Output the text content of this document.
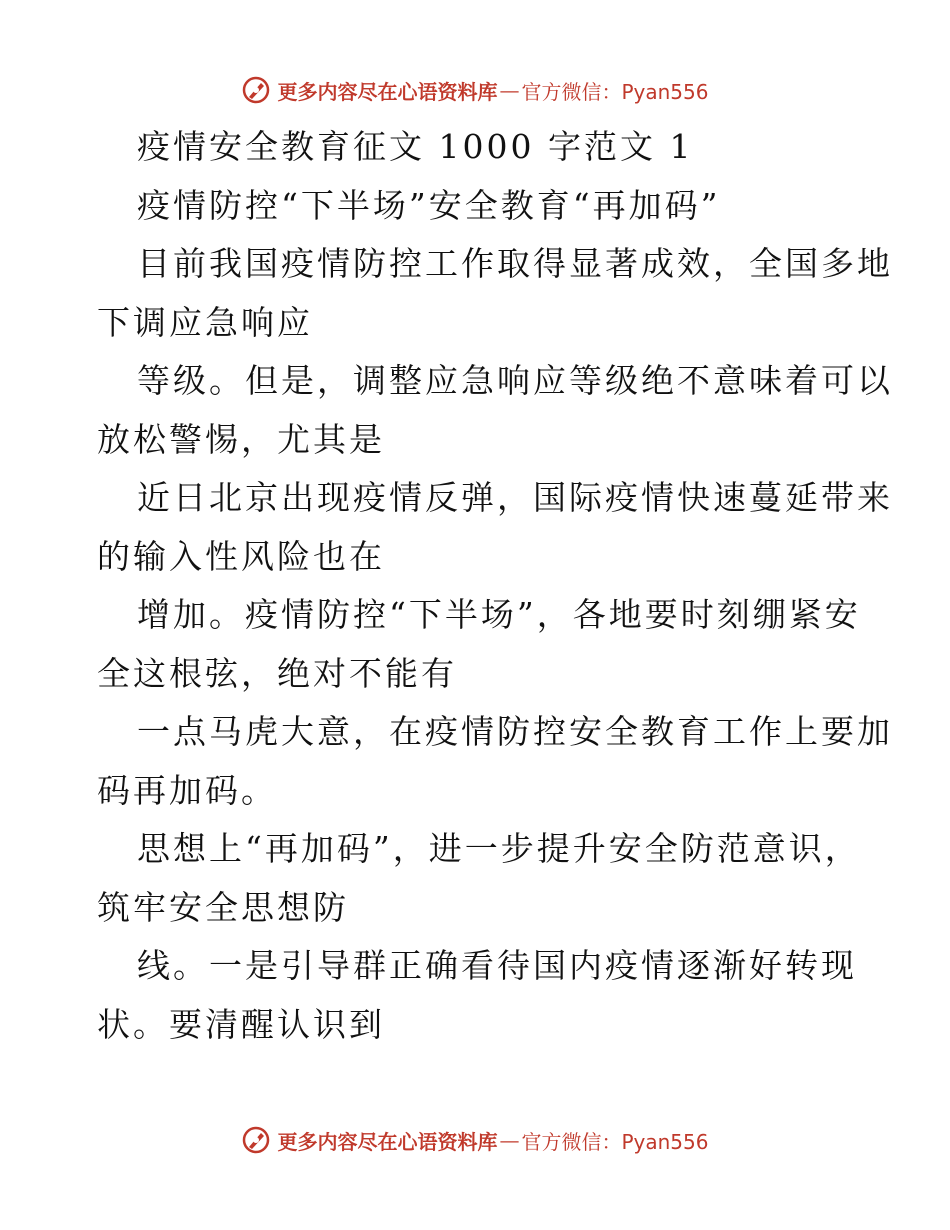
更多内容尽在心语资料库 — 官方微信：Pyan556
疫情安全教育征文 1000 字范文 1
疫情防控“下半场”安全教育“再加码”
目前我国疫情防控工作取得显著成效，全国多地
下调应急响应
等级。但是，调整应急响应等级绝不意味着可以
放松警惕，尤其是
近日北京出现疫情反弹，国际疫情快速蔓延带来
的输入性风险也在
增加。疫情防控“下半场”，各地要时刻绷紧安
全这根弦，绝对不能有
一点马虎大意，在疫情防控安全教育工作上要加
码再加码。
思想上“再加码”，进一步提升安全防范意识，
筑牢安全思想防
线。一是引导群正确看待国内疫情逐渐好转现
状。要清醒认识到
更多内容尽在心语资料库 — 官方微信：Pyan556
